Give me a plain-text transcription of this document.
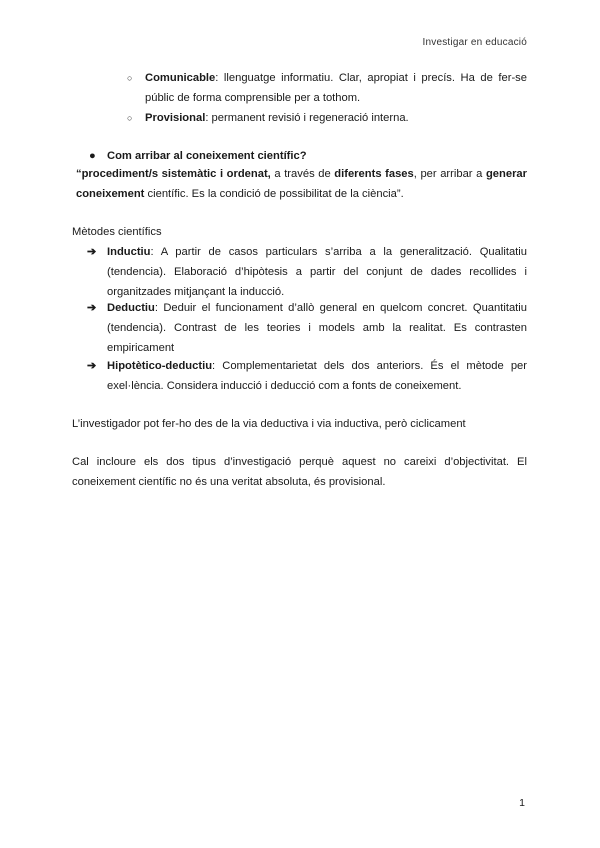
Investigar en educació
○ Comunicable: llenguatge informatiu. Clar, apropiat i precís. Ha de fer-se públic de forma comprensible per a tothom.
○ Provisional: permanent revisió i regeneració interna.
● Com arribar al coneixement científic?
“procediment/s sistemàtic i ordenat, a través de diferents fases, per arribar a generar coneixement científic. Es la condició de possibilitat de la ciència”.
Mètodes científics
➔ Inductiu: A partir de casos particulars s’arriba a la generalització. Qualitatiu (tendencia). Elaboració d’hipòtesis a partir del conjunt de dades recollides i organitzades mitjançant la inducció.
➔ Deductiu: Deduir el funcionament d’allò general en quelcom concret. Quantitatiu (tendencia). Contrast de les teories i models amb la realitat. Es contrasten empiricament
➔ Hipotètico-deductiu: Complementarietat dels dos anteriors. És el mètode per exel·lència. Considera inducció i deducció com a fonts de coneixement.
L’investigador pot fer-ho des de la via deductiva i via inductiva, però ciclicament
Cal incloure els dos tipus d’investigació perquè aquest no careixi d’objectivitat. El coneixement científic no és una veritat absoluta, és provisional.
1
